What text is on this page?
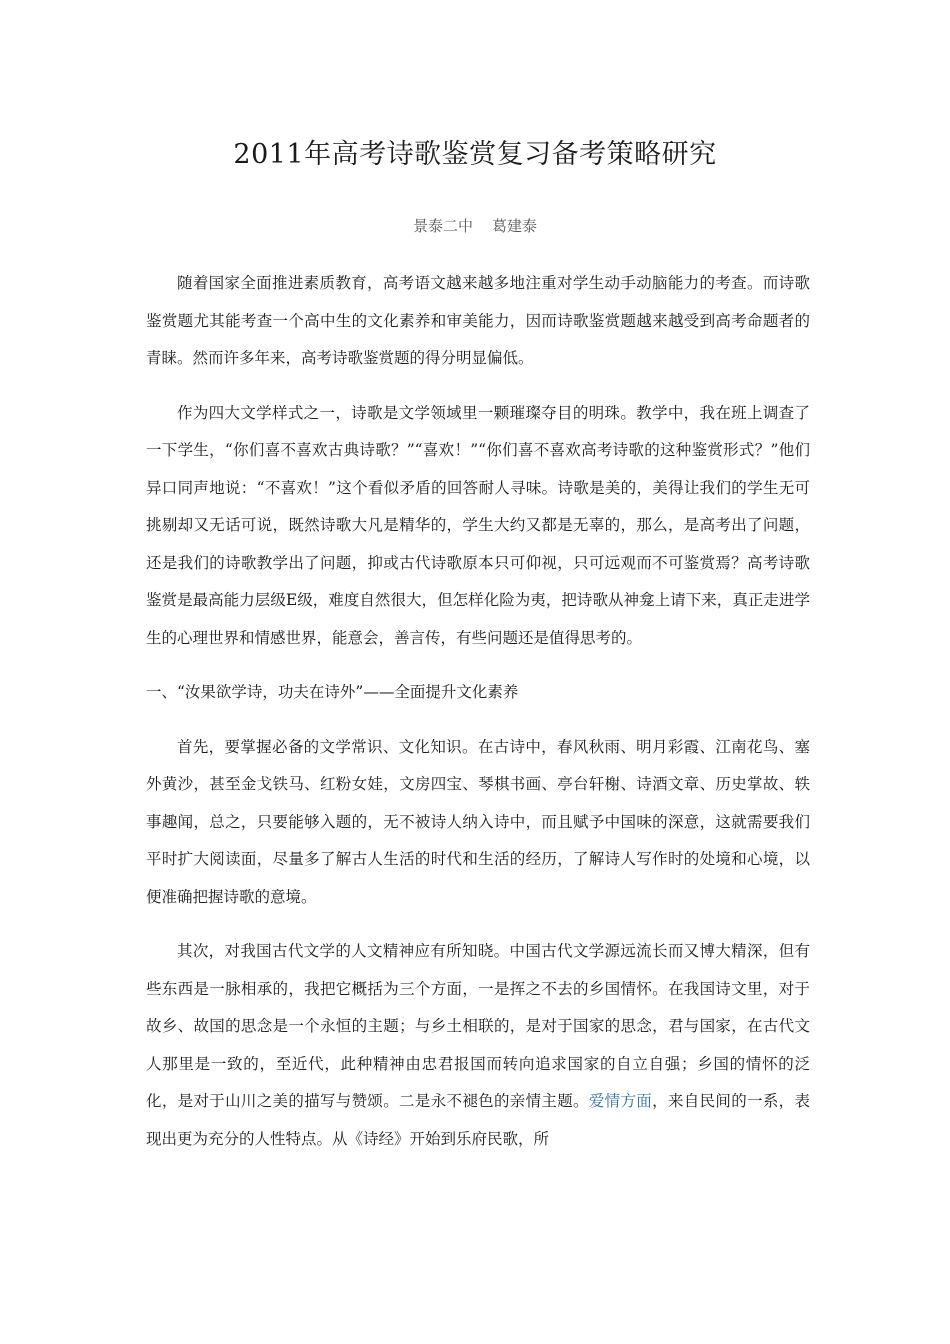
2011年高考诗歌鉴赏复习备考策略研究

景泰二中    葛建泰

随着国家全面推进素质教育，高考语文越来越多地注重对学生动手动脑能力的考查。而诗歌鉴赏题尤其能考查一个高中生的文化素养和审美能力，因而诗歌鉴赏题越来越受到高考命题者的青睐。然而许多年来，高考诗歌鉴赏题的得分明显偏低。

作为四大文学样式之一，诗歌是文学领域里一颗璀璨夺目的明珠。教学中，我在班上调查了一下学生，“你们喜不喜欢古典诗歌？”“喜欢！”“你们喜不喜欢高考诗歌的这种鉴赏形式？”他们异口同声地说：“不喜欢！”这个看似矛盾的回答耐人寻味。诗歌是美的，美得让我们的学生无可挑剔却又无话可说，既然诗歌大凡是精华的，学生大约又都是无辜的，那么，是高考出了问题，还是我们的诗歌教学出了问题，抑或古代诗歌原本只可仰视，只可远观而不可鉴赏焉？高考诗歌鉴赏是最高能力层级E级，难度自然很大，但怎样化险为夷，把诗歌从神龛上请下来，真正走进学生的心理世界和情感世界，能意会，善言传，有些问题还是值得思考的。

一、“汝果欲学诗，功夫在诗外”——全面提升文化素养

首先，要掌握必备的文学常识、文化知识。在古诗中，春风秋雨、明月彩霞、江南花鸟、塞外黄沙，甚至金戈铁马、红粉女娃，文房四宝、琴棋书画、亭台轩榭、诗酒文章、历史掌故、轶事趣闻，总之，只要能够入题的，无不被诗人纳入诗中，而且赋予中国味的深意，这就需要我们平时扩大阅读面，尽量多了解古人生活的时代和生活的经历，了解诗人写作时的处境和心境，以便准确把握诗歌的意境。

其次，对我国古代文学的人文精神应有所知晓。中国古代文学源远流长而又博大精深，但有些东西是一脉相承的，我把它概括为三个方面，一是挥之不去的乡国情怀。在我国诗文里，对于故乡、故国的思念是一个永恒的主题；与乡土相联的，是对于国家的思念，君与国家，在古代文人那里是一致的，至近代，此种精神由忠君报国而转向追求国家的自立自强；乡国的情怀的泛化，是对于山川之美的描写与赞颂。二是永不褪色的亲情主题。爱情方面，来自民间的一系，表现出更为充分的人性特点。从《诗经》开始到乐府民歌，所
